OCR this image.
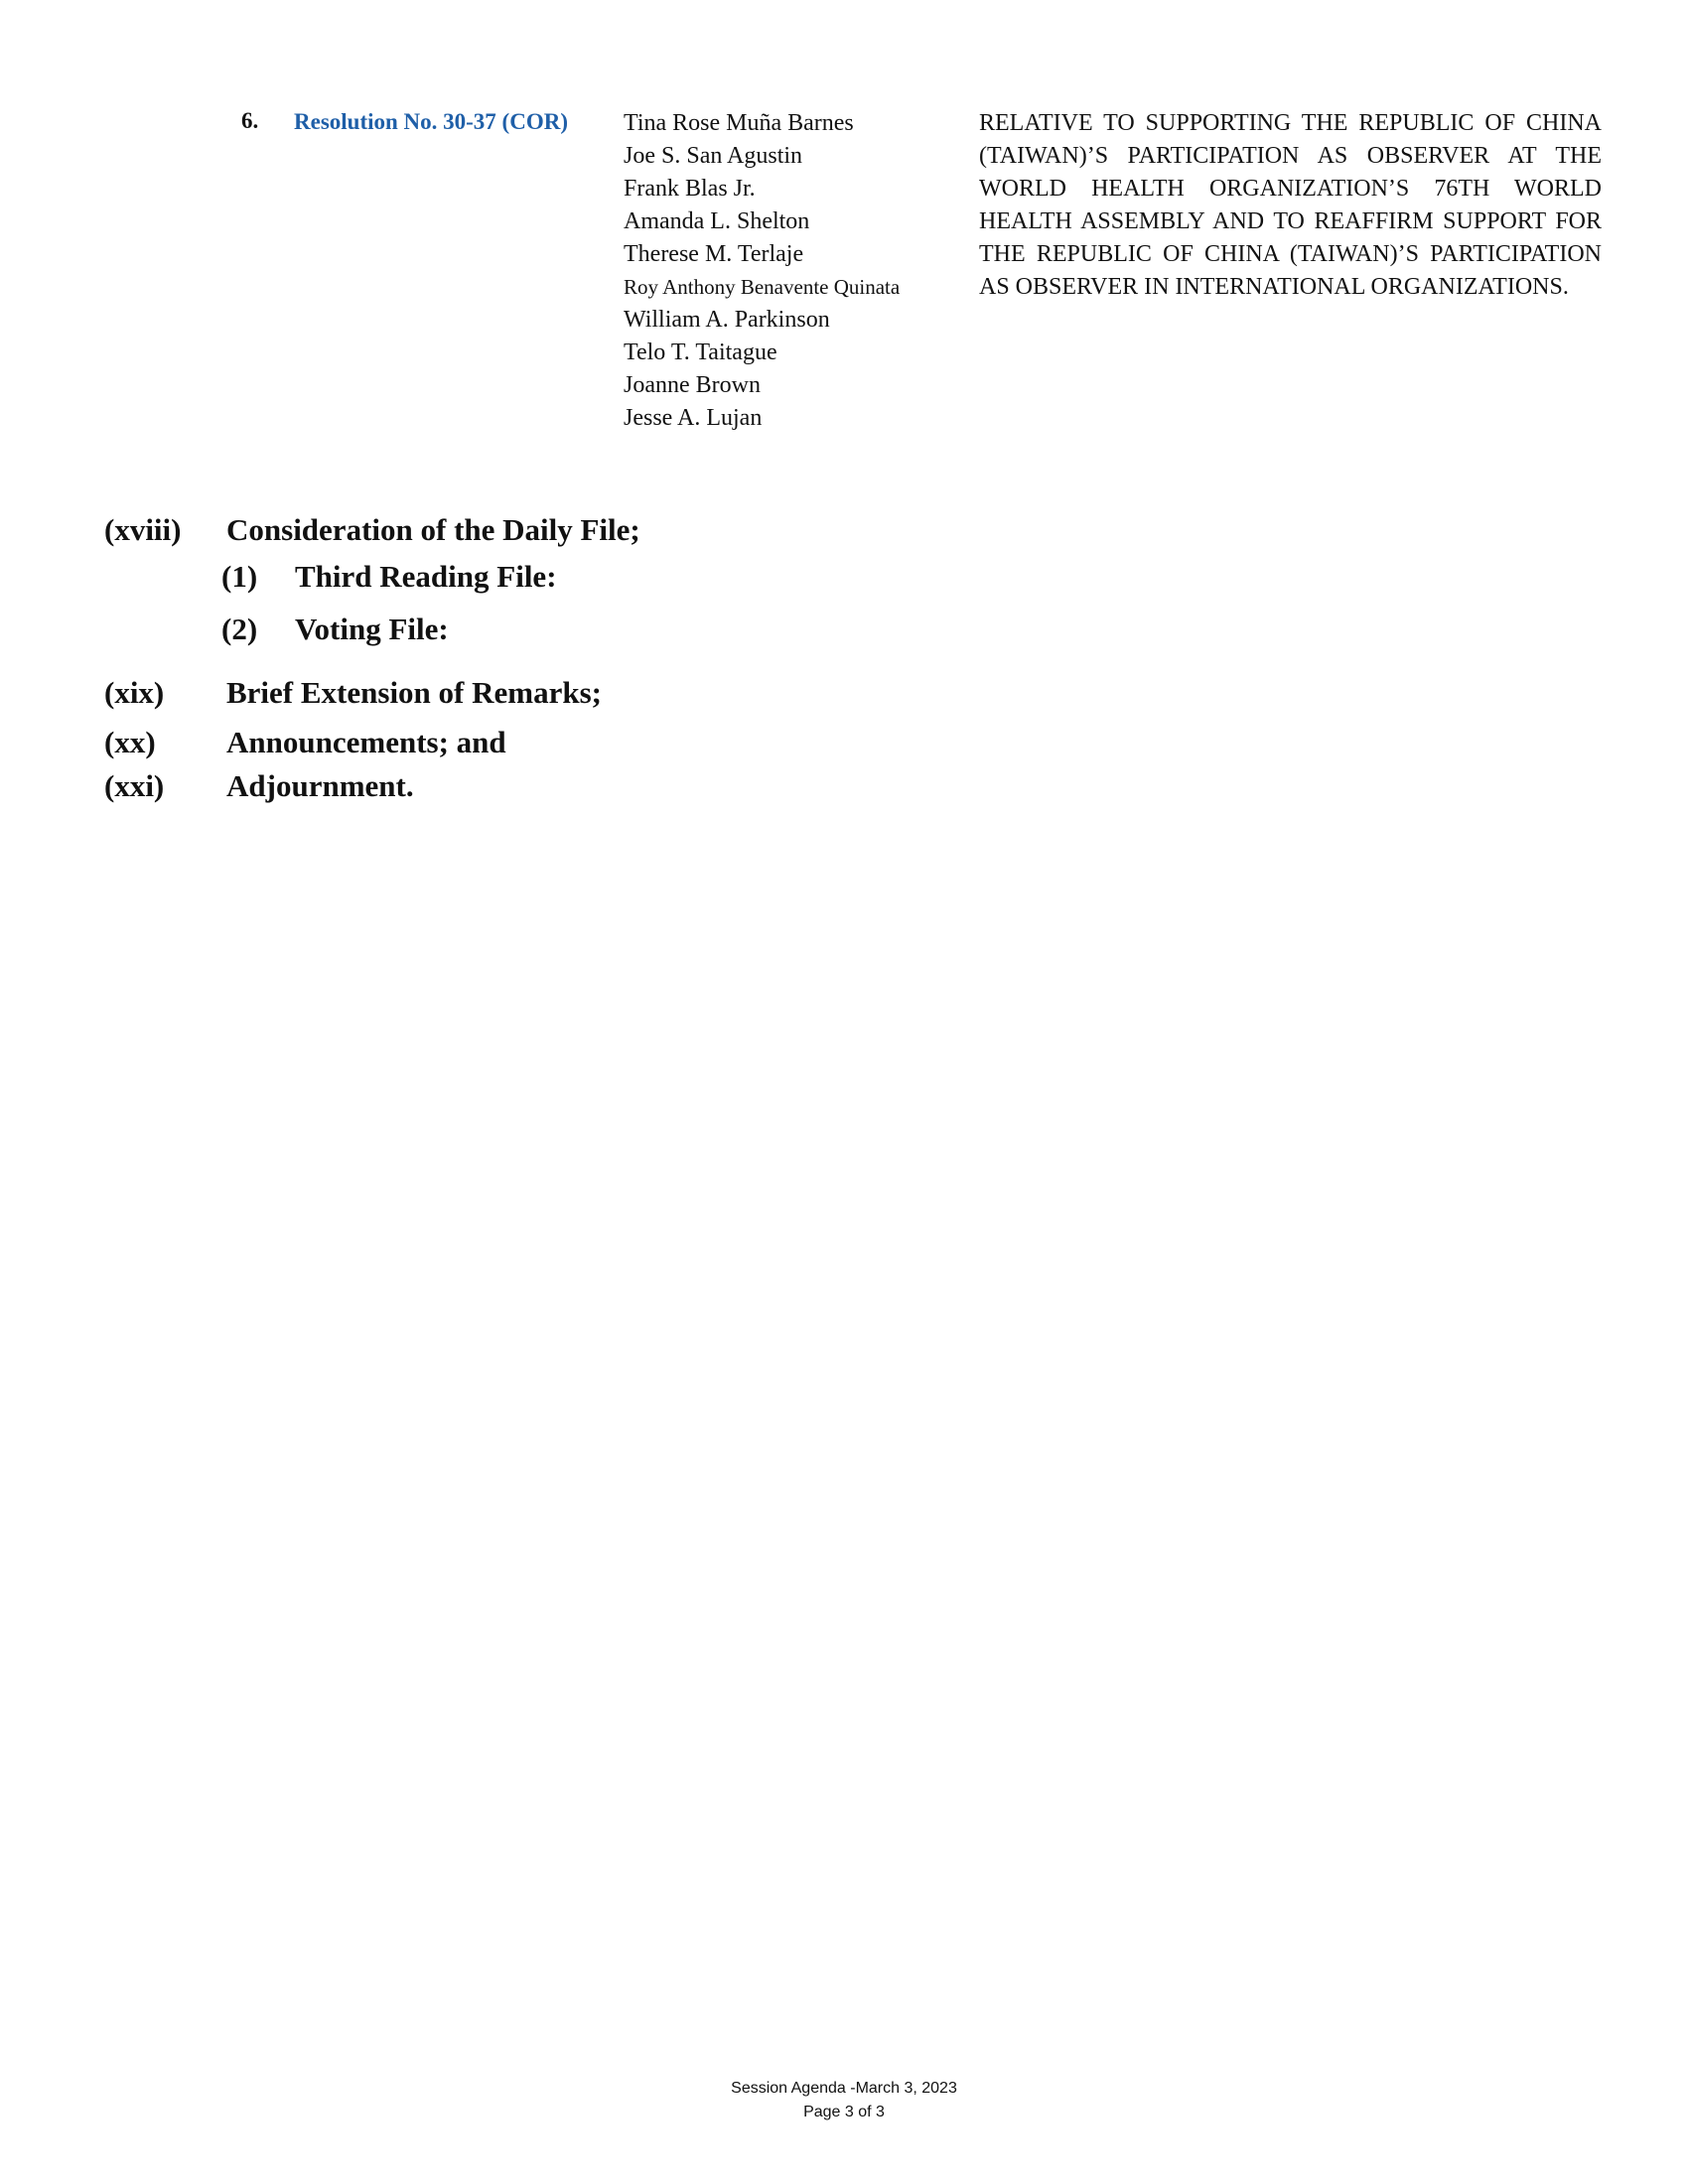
6. Resolution No. 30-37 (COR) Tina Rose Muña Barnes
Joe S. San Agustin
Frank Blas Jr.
Amanda L. Shelton
Therese M. Terlaje
Roy Anthony Benavente Quinata
William A. Parkinson
Telo T. Taitague
Joanne Brown
Jesse A. Lujan

RELATIVE TO SUPPORTING THE REPUBLIC OF CHINA (TAIWAN)’S PARTICIPATION AS OBSERVER AT THE WORLD HEALTH ORGANIZATION’S 76TH WORLD HEALTH ASSEMBLY AND TO REAFFIRM SUPPORT FOR THE REPUBLIC OF CHINA (TAIWAN)’S PARTICIPATION AS OBSERVER IN INTERNATIONAL ORGANIZATIONS.

(xviii) Consideration of the Daily File;
(1) Third Reading File:
(2) Voting File:
(xix) Brief Extension of Remarks;
(xx) Announcements; and
(xxi) Adjournment.
Session Agenda -March 3, 2023
Page 3 of 3
